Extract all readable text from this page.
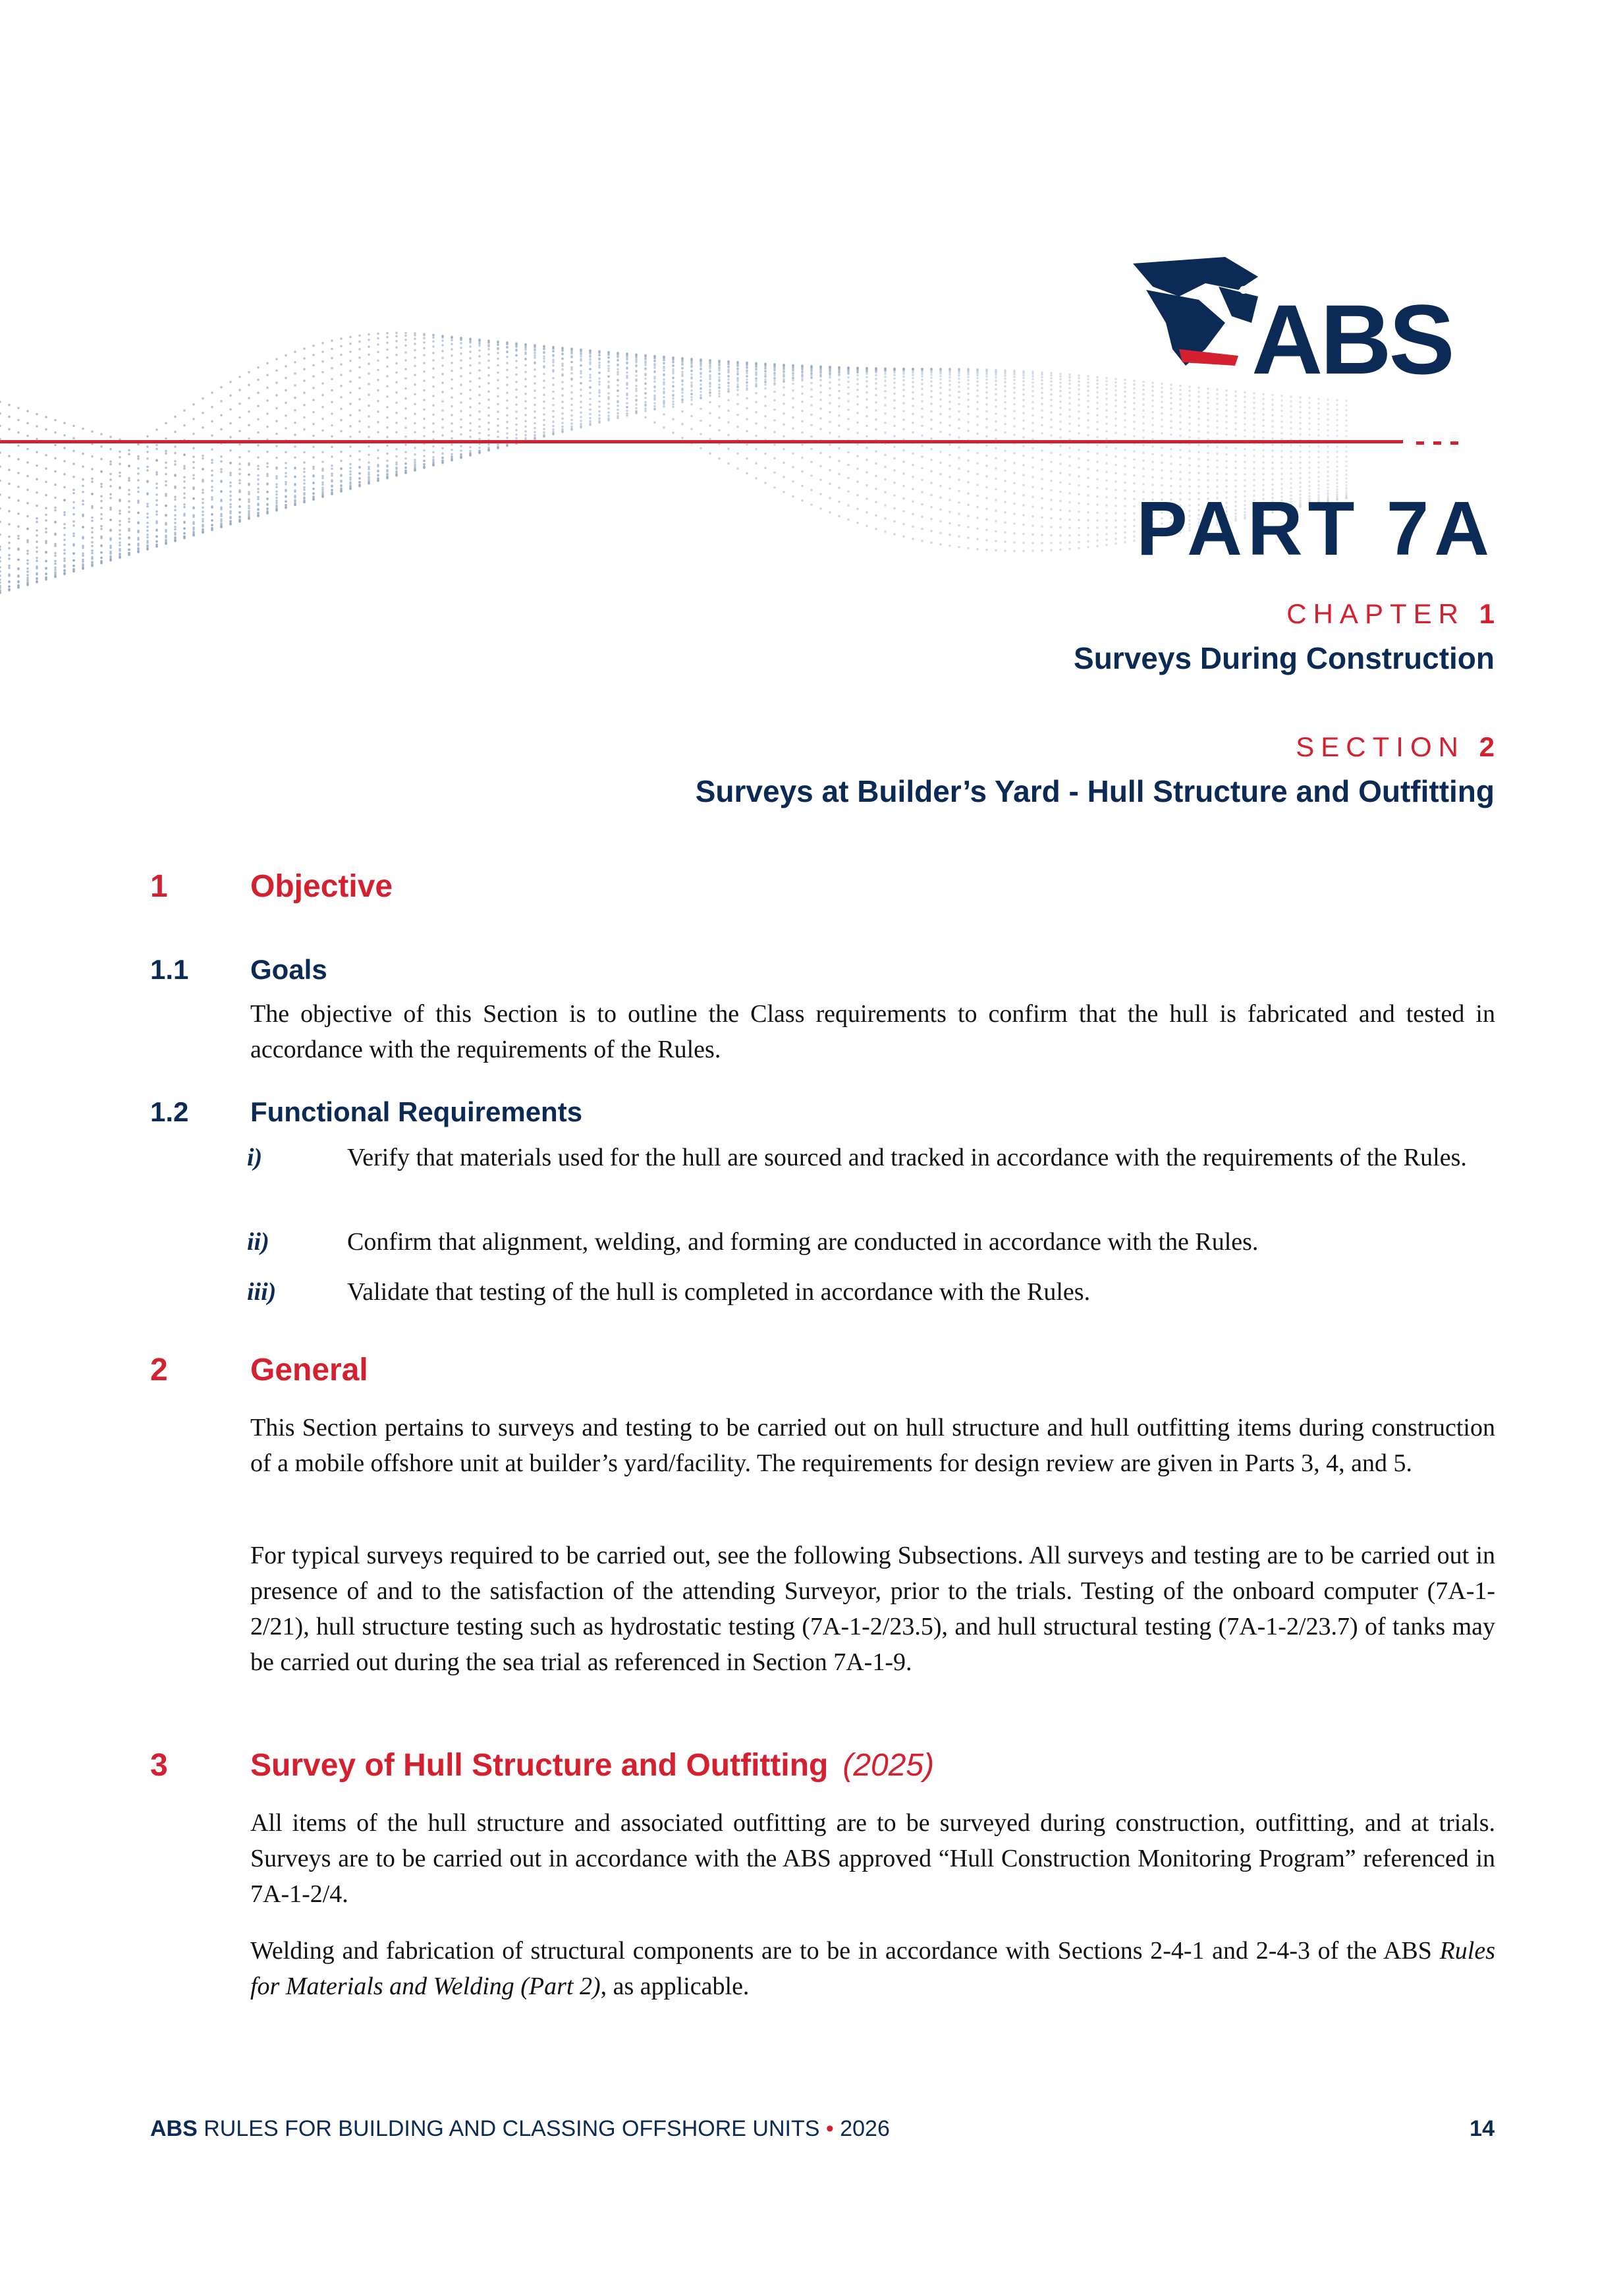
ABS
PART 7A
CHAPTER 1
Surveys During Construction
SECTION 2
Surveys at Builder’s Yard - Hull Structure and Outfitting
1	Objective
1.1 Goals
The objective of this Section is to outline the Class requirements to confirm that the hull is fabricated and tested in accordance with the requirements of the Rules.
1.2 Functional Requirements
i)	Verify that materials used for the hull are sourced and tracked in accordance with the requirements of the Rules.
ii)	Confirm that alignment, welding, and forming are conducted in accordance with the Rules.
iii)	Validate that testing of the hull is completed in accordance with the Rules.
2	General
This Section pertains to surveys and testing to be carried out on hull structure and hull outfitting items during construction of a mobile offshore unit at builder’s yard/facility. The requirements for design review are given in Parts 3, 4, and 5.
For typical surveys required to be carried out, see the following Subsections. All surveys and testing are to be carried out in presence of and to the satisfaction of the attending Surveyor, prior to the trials. Testing of the onboard computer (7A-1-2/21), hull structure testing such as hydrostatic testing (7A-1-2/23.5), and hull structural testing (7A-1-2/23.7) of tanks may be carried out during the sea trial as referenced in Section 7A-1-9.
3	Survey of Hull Structure and Outfitting (2025)
All items of the hull structure and associated outfitting are to be surveyed during construction, outfitting, and at trials. Surveys are to be carried out in accordance with the ABS approved “Hull Construction Monitoring Program” referenced in 7A-1-2/4.
Welding and fabrication of structural components are to be in accordance with Sections 2-4-1 and 2-4-3 of the ABS Rules for Materials and Welding (Part 2), as applicable.
ABS RULES FOR BUILDING AND CLASSING OFFSHORE UNITS • 2026	14
